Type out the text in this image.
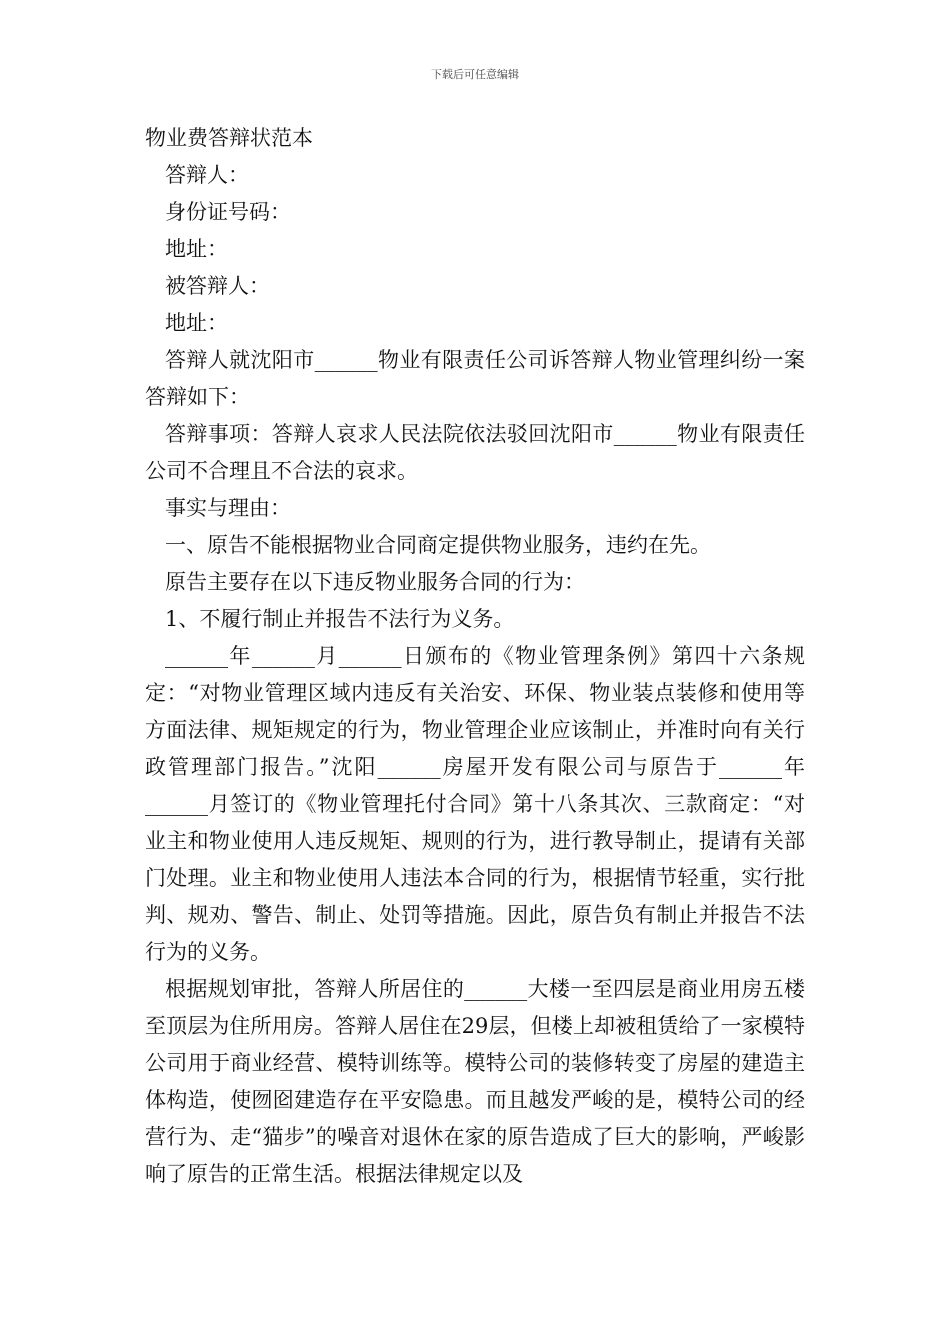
下载后可任意编辑
物业费答辩状范本
答辩人：
身份证号码：
地址：
被答辩人：
地址：

答辩人就沈阳市______物业有限责任公司诉答辩人物业管理纠纷一案答辩如下：

答辩事项：答辩人哀求人民法院依法驳回沈阳市______物业有限责任公司不合理且不合法的哀求。

事实与理由：

一、原告不能根据物业合同商定提供物业服务，违约在先。

原告主要存在以下违反物业服务合同的行为：

1、不履行制止并报告不法行为义务。

______年______月______日颁布的《物业管理条例》第四十六条规定：“对物业管理区域内违反有关治安、环保、物业装点装修和使用等方面法律、规矩规定的行为，物业管理企业应该制止，并准时向有关行政管理部门报告。”沈阳______房屋开发有限公司与原告于______年______月签订的《物业管理托付合同》第十八条其次、三款商定：“对业主和物业使用人违反规矩、规则的行为，进行教导制止，提请有关部门处理。业主和物业使用人违法本合同的行为，根据情节轻重，实行批判、规劝、警告、制止、处罚等措施。因此，原告负有制止并报告不法行为的义务。

根据规划审批，答辩人所居住的______大楼一至四层是商业用房五楼至顶层为住所用房。答辩人居住在29层，但楼上却被租赁给了一家模特公司用于商业经营、模特训练等。模特公司的装修转变了房屋的建造主体构造，使囫囵建造存在平安隐患。而且越发严峻的是，模特公司的经营行为、走“猫步”的噪音对退休在家的原告造成了巨大的影响，严峻影响了原告的正常生活。根据法律规定以及
